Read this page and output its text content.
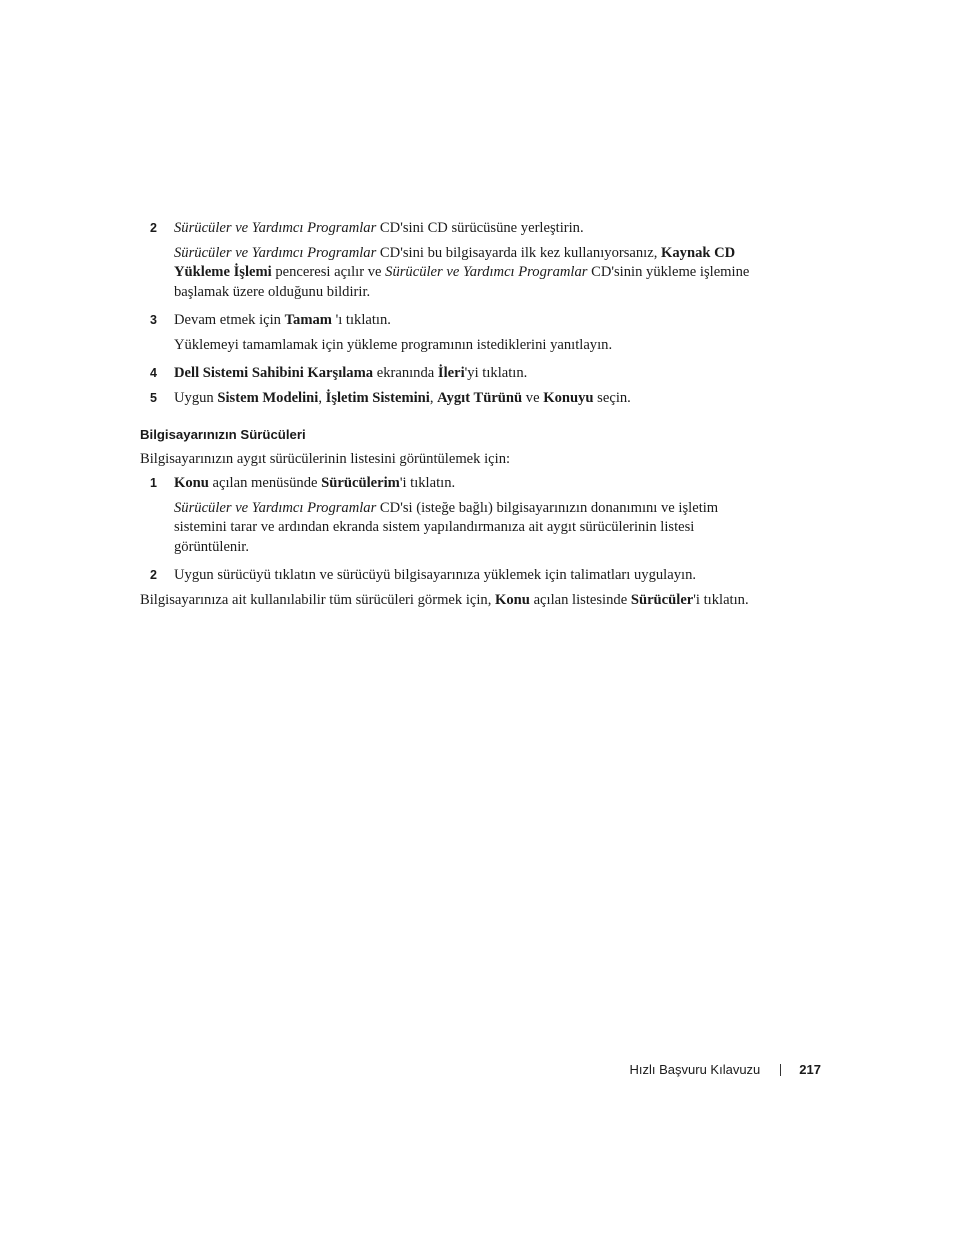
2 Sürücüler ve Yardımcı Programlar CD'sini CD sürücüsüne yerleştirin.

Sürücüler ve Yardımcı Programlar CD'sini bu bilgisayarda ilk kez kullanıyorsanız, Kaynak CD Yükleme İşlemi penceresi açılır ve Sürücüler ve Yardımcı Programlar CD'sinin yükleme işlemine başlamak üzere olduğunu bildirir.

3 Devam etmek için Tamam 'ı tıklatın.

Yüklemeyi tamamlamak için yükleme programının istediklerini yanıtlayın.

4 Dell Sistemi Sahibini Karşılama ekranında İleri'yi tıklatın.

5 Uygun Sistem Modelini, İşletim Sistemini, Aygıt Türünü ve Konuyu seçin.

Bilgisayarınızın Sürücüleri

Bilgisayarınızın aygıt sürücülerinin listesini görüntülemek için:

1 Konu açılan menüsünde Sürücülerim'i tıklatın.

Sürücüler ve Yardımcı Programlar CD'si (isteğe bağlı) bilgisayarınızın donanımını ve işletim sistemini tarar ve ardından ekranda sistem yapılandırmanıza ait aygıt sürücülerinin listesi görüntülenir.

2 Uygun sürücüyü tıklatın ve sürücüyü bilgisayarınıza yüklemek için talimatları uygulayın.

Bilgisayarınıza ait kullanılabilir tüm sürücüleri görmek için, Konu açılan listesinde Sürücüler'i tıklatın.

Hızlı Başvuru Kılavuzu	217
